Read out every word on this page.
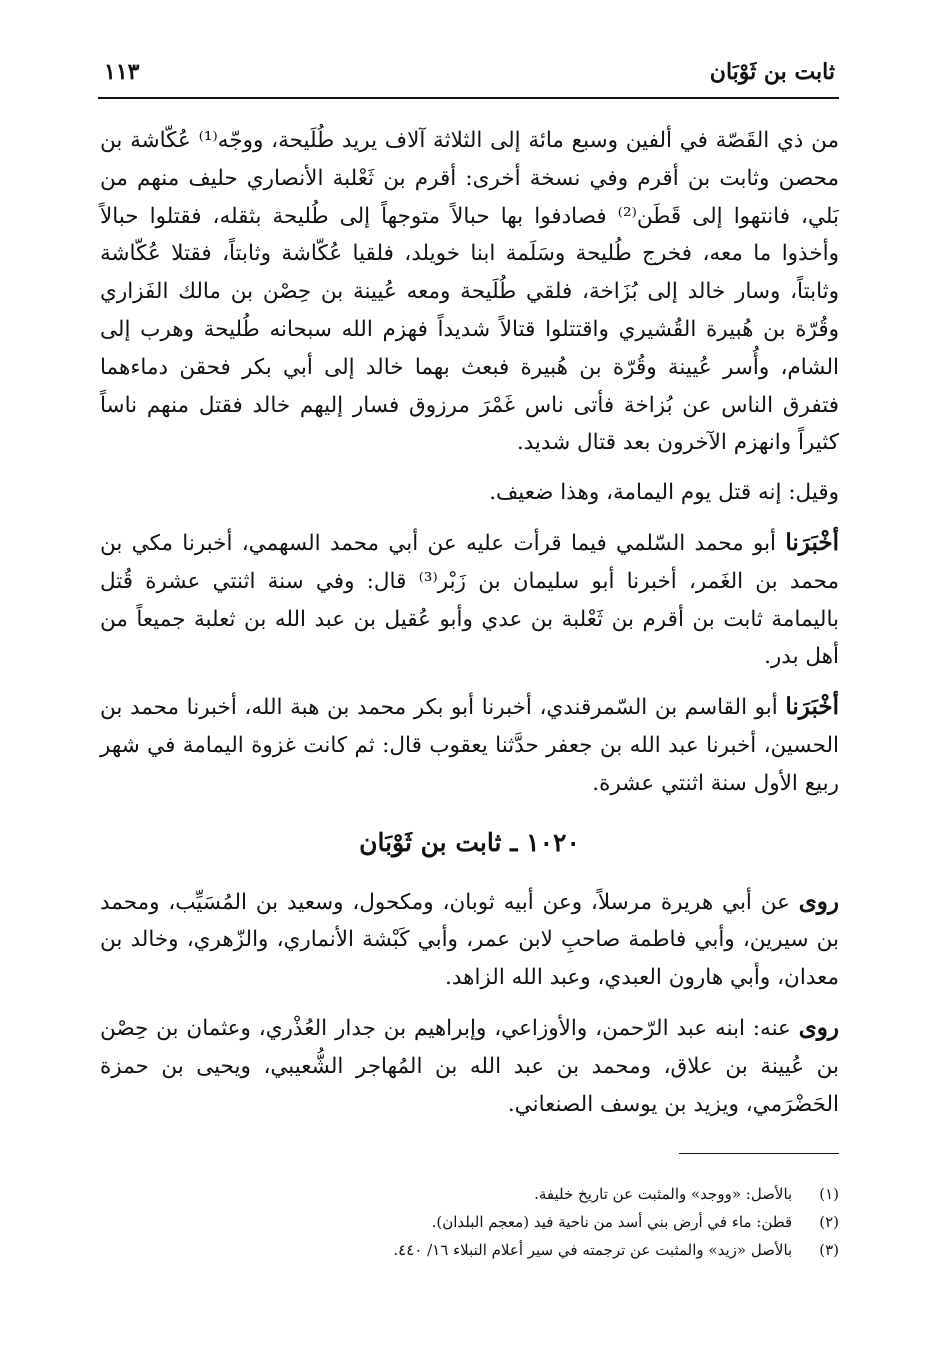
ثابت بن ثَوْبَان
١١٣

من ذي القَصّة في ألفين وسبع مائة إلى الثلاثة آلاف يريد طُلَيحة، ووجّه⁽¹⁾ عُكّاشة بن محصن وثابت بن أقرم وفي نسخة أخرى: أقرم بن ثَعْلبة الأنصاري حليف منهم من بَلي، فانتهوا إلى قَطَن⁽²⁾ فصادفوا بها حبالاً متوجهاً إلى طُليحة بثقله، فقتلوا حبالاً وأخذوا ما معه، فخرج طُليحة وسَلَمة ابنا خويلد، فلقيا عُكّاشة وثابتاً، فقتلا عُكّاشة وثابتاً، وسار خالد إلى بُزَاخة، فلقي طُلَيحة ومعه عُيينة بن حِصْن بن مالك الفَزاري وقُرّة بن هُبيرة القُشيري واقتتلوا قتالاً شديداً فهزم الله سبحانه طُليحة وهرب إلى الشام، وأُسر عُيينة وقُرّة بن هُبيرة فبعث بهما خالد إلى أبي بكر فحقن دماءهما فتفرق الناس عن بُزاخة فأتى ناس غَمْرَ مرزوق فسار إليهم خالد فقتل منهم ناساً كثيراً وانهزم الآخرون بعد قتال شديد.

وقيل: إنه قتل يوم اليمامة، وهذا ضعيف.

أخْبَرَنا أبو محمد السّلمي فيما قرأت عليه عن أبي محمد السهمي، أخبرنا مكي بن محمد بن الغَمر، أخبرنا أبو سليمان بن زَبْر⁽³⁾ قال: وفي سنة اثنتي عشرة قُتل باليمامة ثابت بن أقرم بن ثَعْلبة بن عدي وأبو عُقيل بن عبد الله بن ثعلبة جميعاً من أهل بدر.

أخْبَرَنا أبو القاسم بن السّمرقندي، أخبرنا أبو بكر محمد بن هبة الله، أخبرنا محمد بن الحسين، أخبرنا عبد الله بن جعفر حدَّثنا يعقوب قال: ثم كانت غزوة اليمامة في شهر ربيع الأول سنة اثنتي عشرة.

١٠٢٠ ـ ثابت بن ثَوْبَان

روى عن أبي هريرة مرسلاً، وعن أبيه ثوبان، ومكحول، وسعيد بن المُسَيِّب، ومحمد بن سيرين، وأبي فاطمة صاحبِ لابن عمر، وأبي كَبْشة الأنماري، والزّهري، وخالد بن معدان، وأبي هارون العبدي، وعبد الله الزاهد.

روى عنه: ابنه عبد الرّحمن، والأوزاعي، وإبراهيم بن جدار العُذْري، وعثمان بن حِصْن بن عُيينة بن علاق، ومحمد بن عبد الله بن المُهاجر الشُّعيبي، ويحيى بن حمزة الحَضْرَمي، ويزيد بن يوسف الصنعاني.

(١) بالأصل: «ووجد» والمثبت عن تاريخ خليفة.
(٢) قطن: ماء في أرض بني أسد من ناحية فيد (معجم البلدان).
(٣) بالأصل «زيد» والمثبت عن ترجمته في سير أعلام النبلاء ١٦/ ٤٤٠.
